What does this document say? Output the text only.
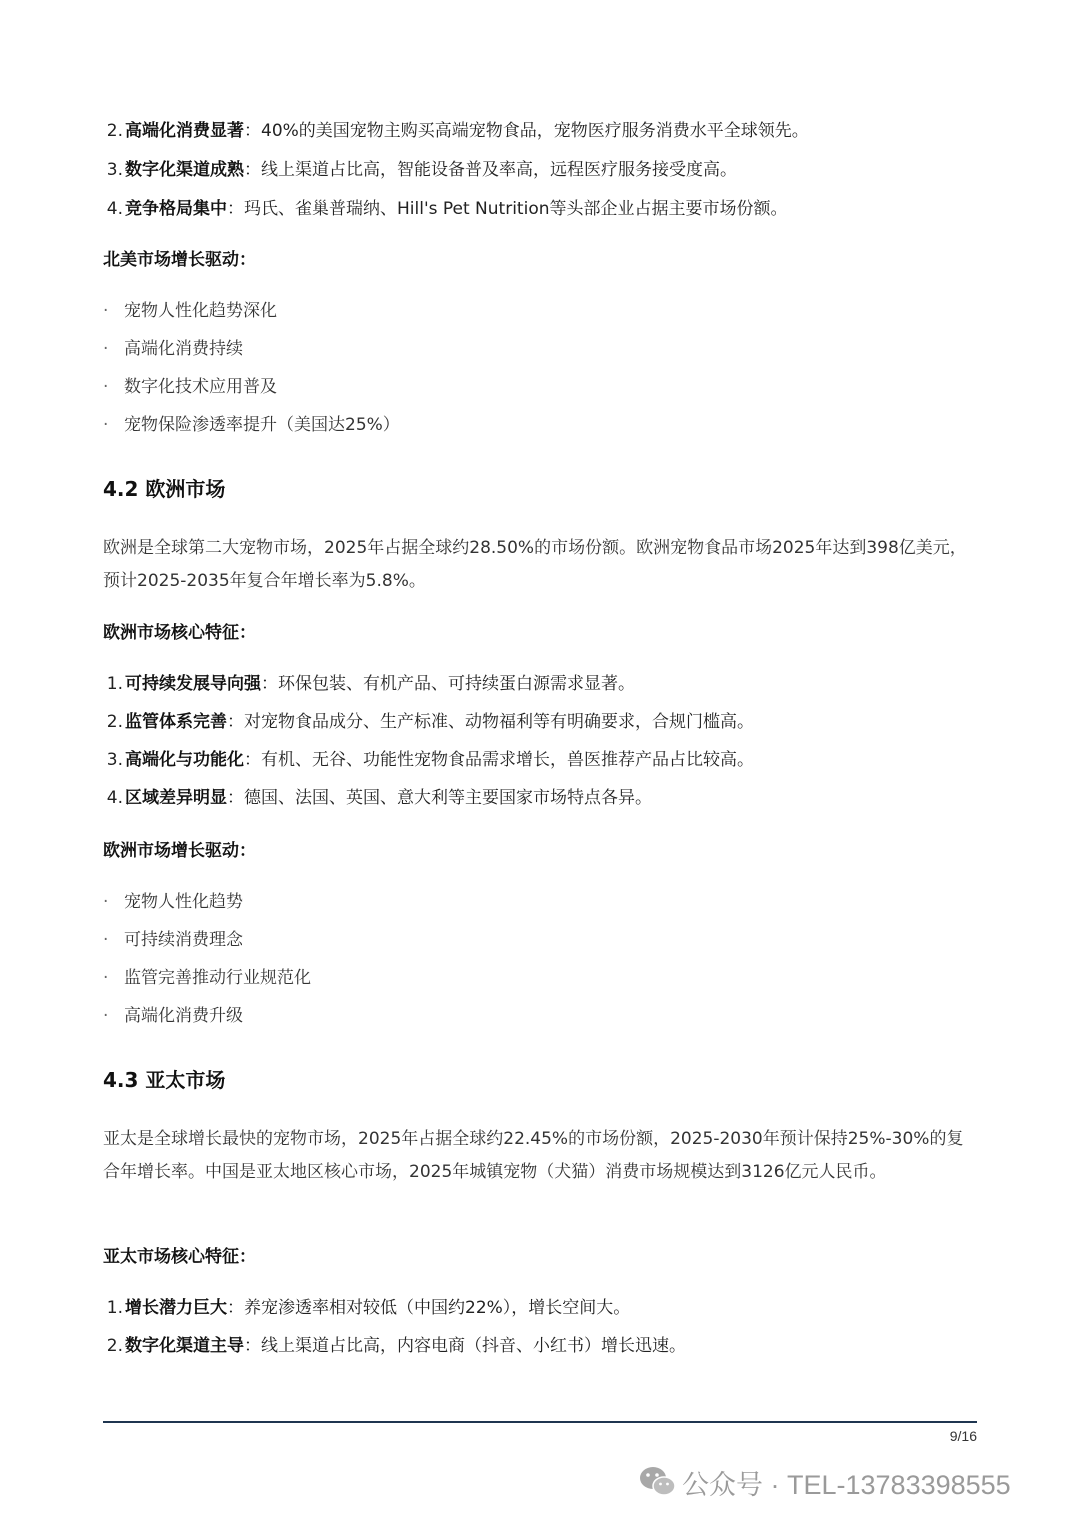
2. 高端化消费显著：40%的美国宠物主购买高端宠物食品，宠物医疗服务消费水平全球领先。
3. 数字化渠道成熟：线上渠道占比高，智能设备普及率高，远程医疗服务接受度高。
4. 竞争格局集中：玛氏、雀巢普瑞纳、Hill's Pet Nutrition等头部企业占据主要市场份额。
北美市场增长驱动：
· 宠物人性化趋势深化
· 高端化消费持续
· 数字化技术应用普及
· 宠物保险渗透率提升（美国达25%）
4.2 欧洲市场
欧洲是全球第二大宠物市场，2025年占据全球约28.50%的市场份额。欧洲宠物食品市场2025年达到398亿美元，预计2025-2035年复合年增长率为5.8%。
欧洲市场核心特征：
1. 可持续发展导向强：环保包装、有机产品、可持续蛋白源需求显著。
2. 监管体系完善：对宠物食品成分、生产标准、动物福利等有明确要求，合规门槛高。
3. 高端化与功能化：有机、无谷、功能性宠物食品需求增长，兽医推荐产品占比较高。
4. 区域差异明显：德国、法国、英国、意大利等主要国家市场特点各异。
欧洲市场增长驱动：
· 宠物人性化趋势
· 可持续消费理念
· 监管完善推动行业规范化
· 高端化消费升级
4.3 亚太市场
亚太是全球增长最快的宠物市场，2025年占据全球约22.45%的市场份额，2025-2030年预计保持25%-30%的复合年增长率。中国是亚太地区核心市场，2025年城镇宠物（犬猫）消费市场规模达到3126亿元人民币。
亚太市场核心特征：
1. 增长潜力巨大：养宠渗透率相对较低（中国约22%），增长空间大。
2. 数字化渠道主导：线上渠道占比高，内容电商（抖音、小红书）增长迅速。
9/16
公众号 · TEL-13783398555
